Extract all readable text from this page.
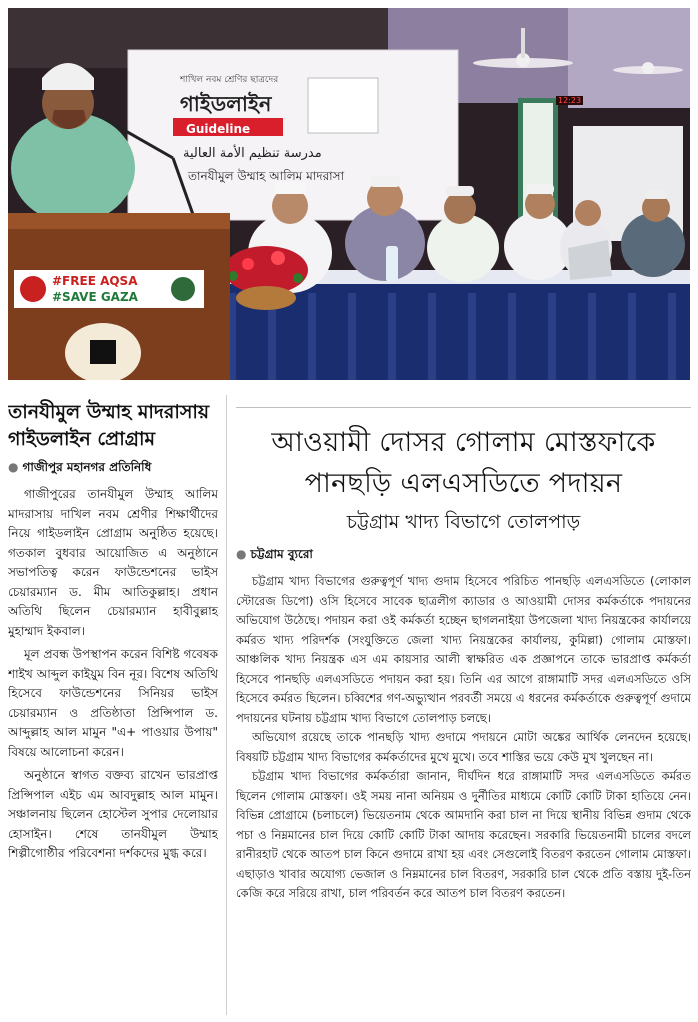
শাখিল নবম শ্রেণির ছাত্রদের
গাইডলাইন
Guideline
مدرسة تنظيم الأمة العالية
তানযীমুল উম্মাহ আলিম মাদরাসা
#FREE AQSA
#SAVE GAZA
12:23
তানযীমুল উম্মাহ মাদরাসায় গাইডলাইন প্রোগ্রাম
● গাজীপুর মহানগর প্রতিনিধি

গাজীপুরের তানযীমুল উম্মাহ আলিম মাদরাসায় দাখিল নবম শ্রেণীর শিক্ষার্থীদের নিয়ে গাইডলাইন প্রোগ্রাম অনুষ্ঠিত হয়েছে। গতকাল বুধবার আয়োজিত এ অনুষ্ঠানে সভাপতিত্ব করেন ফাউন্ডেশনের ভাইস চেয়ারম্যান ড. মীম আতিকুল্লাহ। প্রধান অতিথি ছিলেন চেয়ারম্যান হাবীবুল্লাহ মুহাম্মাদ ইকবাল।

মূল প্রবন্ধ উপস্থাপন করেন বিশিষ্ট গবেষক শাইখ আব্দুল কাইয়ুম বিন নূর। বিশেষ অতিথি হিসেবে ফাউন্ডেশনের সিনিয়র ভাইস চেয়ারম্যান ও প্রতিষ্ঠাতা প্রিন্সিপাল ড. আব্দুল্লাহ আল মামুন "এ+ পাওয়ার উপায়" বিষয়ে আলোচনা করেন।

অনুষ্ঠানে স্বাগত বক্তব্য রাখেন ভারপ্রাপ্ত প্রিন্সিপাল এইচ এম আবদুল্লাহ আল মামুন। সঞ্চালনায় ছিলেন হোস্টেল সুপার দেলোয়ার হোসাইন। শেষে তানযীমুল উম্মাহ শিল্পীগোষ্ঠীর পরিবেশনা দর্শকদের মুগ্ধ করে।

আওয়ামী দোসর গোলাম মোস্তফাকে পানছড়ি এলএসডিতে পদায়ন
চট্টগ্রাম খাদ্য বিভাগে তোলপাড়
● চট্টগ্রাম ব্যুরো

চট্টগ্রাম খাদ্য বিভাগের গুরুত্বপূর্ণ খাদ্য গুদাম হিসেবে পরিচিত পানছড়ি এলএসডিতে (লোকাল স্টোরেজ ডিপো) ওসি হিসেবে সাবেক ছাত্রলীগ ক্যাডার ও আওয়ামী দোসর কর্মকর্তাকে পদায়নের অভিযোগ উঠেছে। পদায়ন করা ওই কর্মকর্তা হচ্ছেন ছাগলনাইয়া উপজেলা খাদ্য নিয়ন্ত্রকের কার্যালয়ে কর্মরত খাদ্য পরিদর্শক (সংযুক্তিতে জেলা খাদ্য নিয়ন্ত্রকের কার্যালয়, কুমিল্লা) গোলাম মোস্তফা। আঞ্চলিক খাদ্য নিয়ন্ত্রক এস এম কায়সার আলী স্বাক্ষরিত এক প্রজ্ঞাপনে তাকে ভারপ্রাপ্ত কর্মকর্তা হিসেবে পানছড়ি এলএসডিতে পদায়ন করা হয়। তিনি এর আগে রাঙ্গামাটি সদর এলএসডিতে ওসি হিসেবে কর্মরত ছিলেন। চব্বিশের গণ-অভ্যুত্থান পরবর্তী সময়ে এ ধরনের কর্মকর্তাকে গুরুত্বপূর্ণ গুদামে পদায়নের ঘটনায় চট্টগ্রাম খাদ্য বিভাগে তোলপাড় চলছে।

অভিযোগ রয়েছে তাকে পানছড়ি খাদ্য গুদামে পদায়নে মোটা অঙ্কের আর্থিক লেনদেন হয়েছে। বিষয়টি চট্টগ্রাম খাদ্য বিভাগের কর্মকর্তাদের মুখে মুখে। তবে শাস্তির ভয়ে কেউ মুখ খুলছেন না।

চট্টগ্রাম খাদ্য বিভাগের কর্মকর্তারা জানান, দীর্ঘদিন ধরে রাঙ্গামাটি সদর এলএসডিতে কর্মরত ছিলেন গোলাম মোস্তফা। ওই সময় নানা অনিয়ম ও দুর্নীতির মাধ্যমে কোটি কোটি টাকা হাতিয়ে নেন। বিভিন্ন প্রোগ্রামে (চলাচলে) ভিয়েতনাম থেকে আমদানি করা চাল না দিয়ে স্থানীয় বিভিন্ন গুদাম থেকে পচা ও নিম্নমানের চাল দিয়ে কোটি কোটি টাকা আদায় করেছেন। সরকারি ভিয়েতনামী চালের বদলে রানীরহাট থেকে আতপ চাল কিনে গুদামে রাখা হয় এবং সেগুলোই বিতরণ করতেন গোলাম মোস্তফা। এছাড়াও খাবার অযোগ্য ভেজাল ও নিম্নমানের চাল বিতরণ, সরকারি চাল থেকে প্রতি বস্তায় দুই-তিন কেজি করে সরিয়ে রাখা, চাল পরিবর্তন করে আতপ চাল বিতরণ করতেন।
